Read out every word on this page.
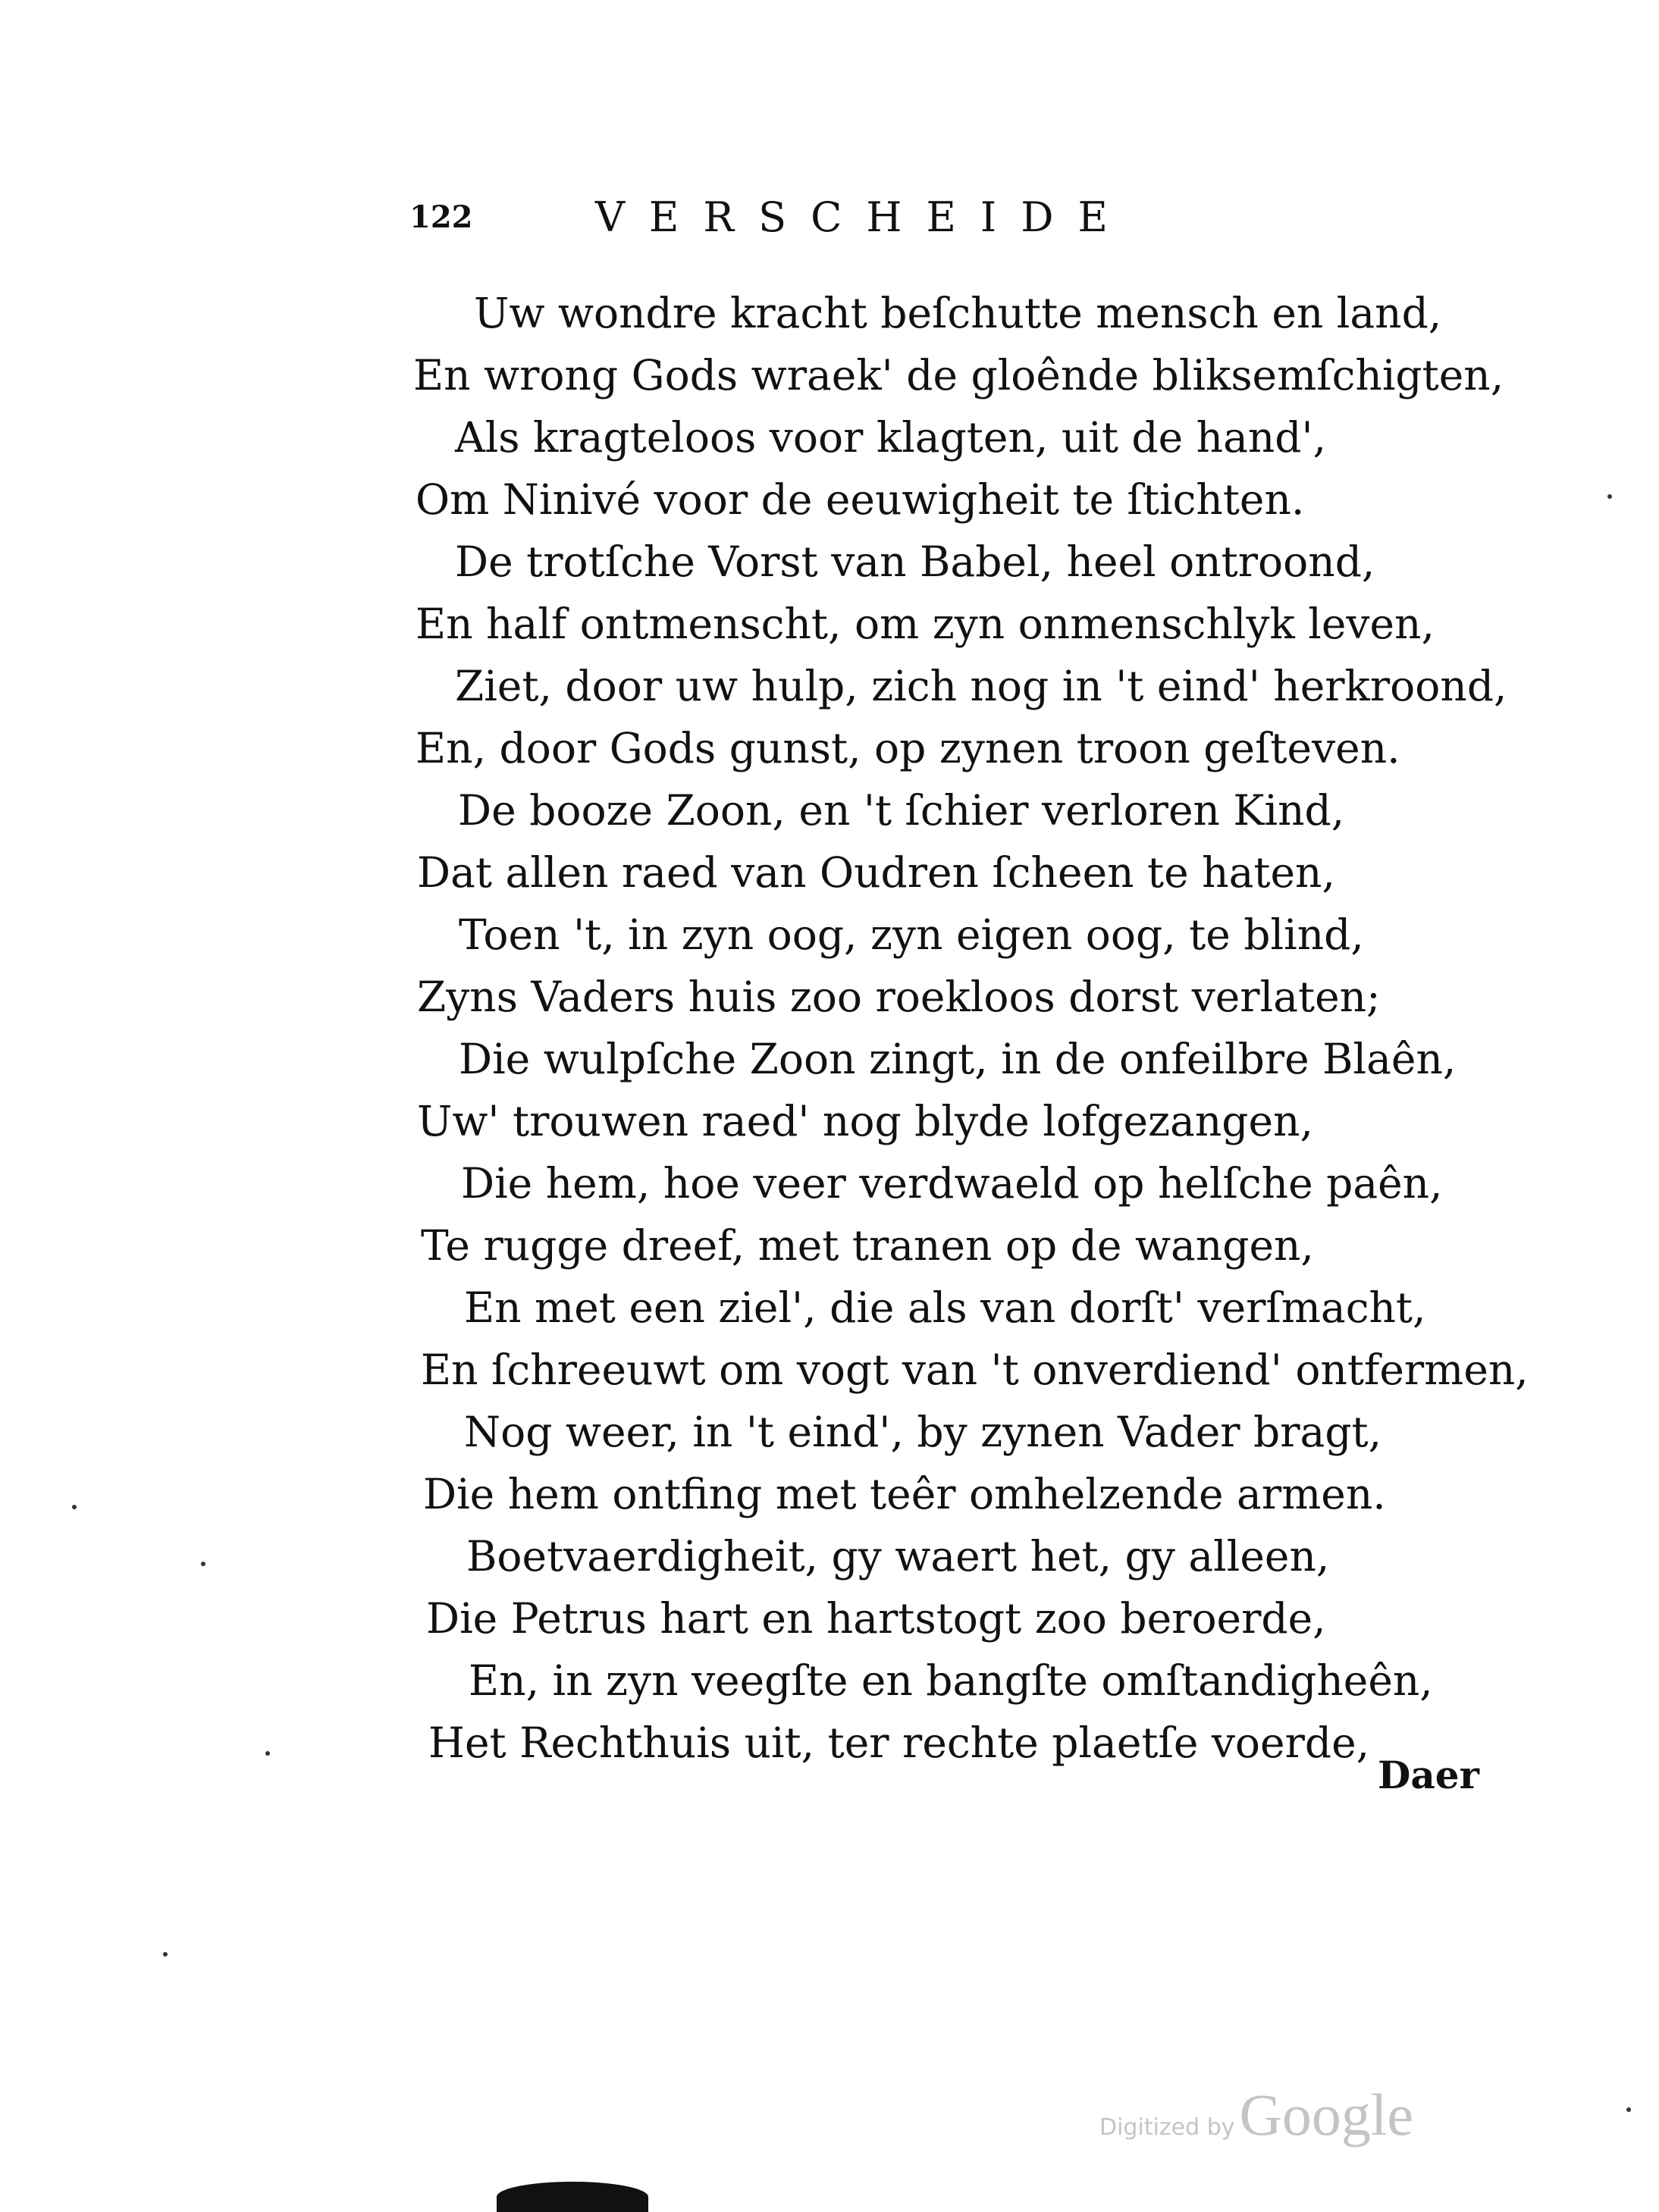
122	VERSCHEIDE
Uw wondre kracht beſchutte mensch en land,
En wrong Gods wraek' de gloênde bliksemſchigten,
Als kragteloos voor klagten, uit de hand',
Om Ninivé voor de eeuwigheit te ſtichten.
De trotſche Vorst van Babel, heel ontroond,
En half ontmenscht, om zyn onmenschlyk leven,
Ziet, door uw hulp, zich nog in 't eind' herkroond,
En, door Gods gunst, op zynen troon geſteven.
De booze Zoon, en 't ſchier verloren Kind,
Dat allen raed van Oudren ſcheen te haten,
Toen 't, in zyn oog, zyn eigen oog, te blind,
Zyns Vaders huis zoo roekloos dorst verlaten;
Die wulpſche Zoon zingt, in de onfeilbre Blaên,
Uw' trouwen raed' nog blyde lofgezangen,
Die hem, hoe veer verdwaeld op helſche paên,
Te rugge dreef, met tranen op de wangen,
En met een ziel', die als van dorſt' verſmacht,
En ſchreeuwt om vogt van 't onverdiend' ontfermen,
Nog weer, in 't eind', by zynen Vader bragt,
Die hem ontfing met teêr omhelzende armen.
Boetvaerdigheit, gy waert het, gy alleen,
Die Petrus hart en hartstogt zoo beroerde,
En, in zyn veegſte en bangſte omſtandigheên,
Het Rechthuis uit, ter rechte plaetſe voerde,
Daer
Digitized byGoogle
